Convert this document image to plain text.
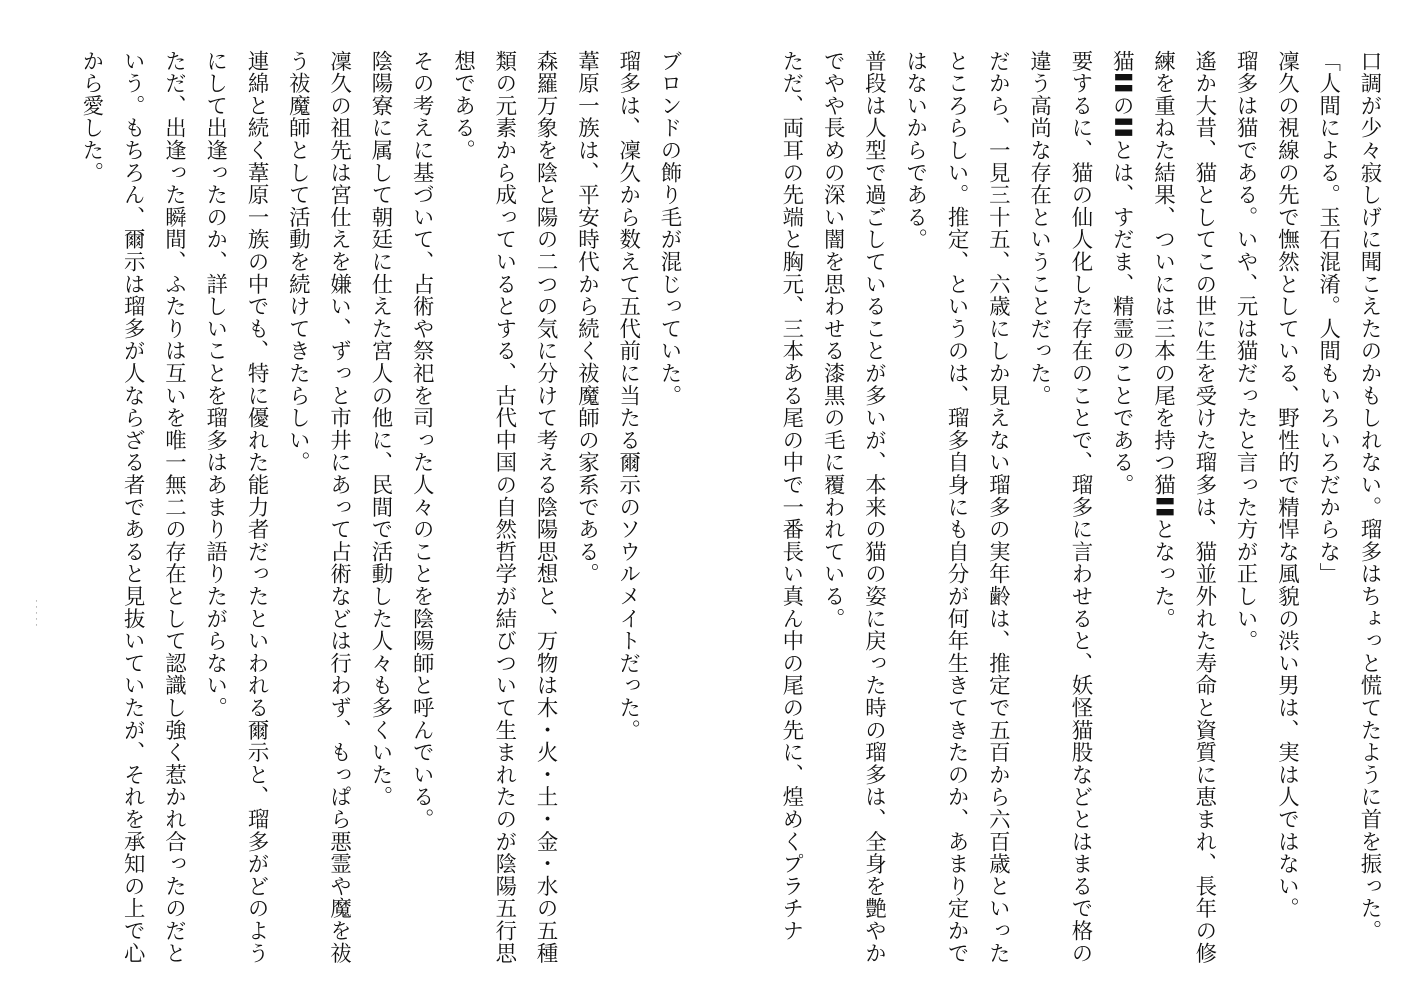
口調が少々寂しげに聞こえたのかもしれない。瑠多はちょっと慌てたように首を振った。

「人間による。玉石混淆。人間もいろいろだからな」

凜久の視線の先で憮然としている、野性的で精悍な風貌の渋い男は、実は人ではない。

瑠多は猫である。いや、元は猫だったと言った方が正しい。

遙か大昔、猫としてこの世に生を受けた瑠多は、猫並外れた寿命と資質に恵まれ、長年の修練を重ねた結果、ついには三本の尾を持つ猫〓となった。

猫〓の〓とは、すだま、精霊のことである。

要するに、猫の仙人化した存在のことで、瑠多に言わせると、妖怪猫股などとはまるで格の違う高尚な存在ということだった。

だから、一見三十五、六歳にしか見えない瑠多の実年齢は、推定で五百から六百歳といったところらしい。推定、というのは、瑠多自身にも自分が何年生きてきたのか、あまり定かではないからである。

普段は人型で過ごしていることが多いが、本来の猫の姿に戻った時の瑠多は、全身を艶やかでやや長めの深い闇を思わせる漆黒の毛に覆われている。

ただ、両耳の先端と胸元、三本ある尾の中で一番長い真ん中の尾の先に、煌めくプラチナ

ブロンドの飾り毛が混じっていた。

瑠多は、凜久から数えて五代前に当たる爾示のソウルメイトだった。

葦原一族は、平安時代から続く祓魔師の家系である。

森羅万象を陰と陽の二つの気に分けて考える陰陽思想と、万物は木・火・土・金・水の五種類の元素から成っているとする、古代中国の自然哲学が結びついて生まれたのが陰陽五行思想である。

その考えに基づいて、占術や祭祀を司った人々のことを陰陽師と呼んでいる。

陰陽寮に属して朝廷に仕えた宮人の他に、民間で活動した人々も多くいた。

凜久の祖先は宮仕えを嫌い、ずっと市井にあって占術などは行わず、もっぱら悪霊や魔を祓う祓魔師として活動を続けてきたらしい。

連綿と続く葦原一族の中でも、特に優れた能力者だったといわれる爾示と、瑠多がどのようにして出逢ったのか、詳しいことを瑠多はあまり語りたがらない。

ただ、出逢った瞬間、ふたりは互いを唯一無二の存在として認識し強く惹かれ合ったのだという。もちろん、爾示は瑠多が人ならざる者であると見抜いていたが、それを承知の上で心から愛した。

・・・・・
